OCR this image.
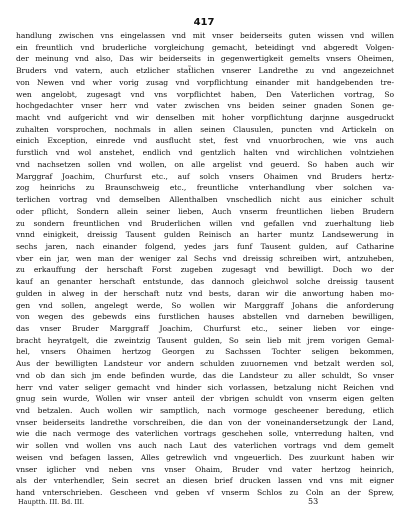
417
handlung zwischen vns eingelassen vnd mit vnser beiderseits guten wissen vnd willen
ein freuntlich vnd bruderliche vorgleichung gemacht, beteidingt vnd abgeredt Volgen-
der meinung vnd also, Das wir beiderseits in gegenwertigkeit gemelts vnsers Oheimen,
Bruders vnd vatern, auch etzlicher stat̃lichen vnserer Landrethe zu vnd angezeichnet
von Newen vnd wher vorig zusag vnd vorpflichtung einander mit handgebenden tre-
wen angelobt, zugesagt vnd vns vorpflichtet haben, Den Vaterlichen vortrag, So
hochgedachter vnser herr vnd vater zwischen vns beiden seiner gnaden Sonen ge-
macht vnd aufgericht vnd wir denselben mit hoher vorpflichtung darjnne ausgedruckt
zuhalten vorsprochen, nochmals in allen seinen Clausulen, puncten vnd Artickeln on
einich Exception, einrede vnd ausflucht stet, fest vnd vnuorbrochen, wie vns auch
furstlich vnd wol anstehet, endlich vnd gentzlich halten vnd wirchlichen volntziehen
vnd nachsetzen sollen vnd wollen, on alle argelist vnd geuerd. So haben auch wir
Marggraf Joachim, Churfurst etc., auf solch vnsers Ohaimen vnd Bruders hertz-
zog heinrichs zu Braunschweig etc., freuntliche vnterhandlung vber solchen va-
terlichen vortrag vnd demselben Allenthalben vnschedlich nicht aus einicher schult
oder pflicht, Sondern allein seiner lieben, Auch vnserm freuntlichen lieben Brudern
zu sondern freuntlichen vnd Bruderlichen willen vnd gefallen vnd zuerhaltung lieb
vnnd einigkeit, dreissig Tausent gulden Reinisch an harter muntz Landsewerung in
sechs jaren, nach einander folgend, yedes jars funf Tausent gulden, auf Catharine
vber ein jar, wen man der weniger zal Sechs vnd dreissig schreiben wirt, antzuheben,
zu erkauffung der herschaft Forst zugeben zugesagt vnd bewilligt. Doch wo der
kauf an genanter herschaft entstunde, das dannoch gleichwol solche dreissig tausent
gulden in alweg in der herschaft nutz vnd bests, daran wir die anwortung haben mo-
gen vnd sollen, angelegt werde, So wollen wir Marggraff Johans die anforderung
von wegen des gebewds eins furstlichen hauses abstellen vnd darneben bewilligen,
das vnser Bruder Marggraff Joachim, Churfurst etc., seiner lieben vor einge-
bracht heyratgelt, die zweintzig Tausent gulden, So sein lieb mit jrem vorigen Gemal-
hel, vnsers Ohaimen hertzog Georgen zu Sachssen Tochter seligen bekommen,
Aus der bewilligten Landsteur vor andern schulden zuuornemen vnd betzalt werden sol,
vnd ob dan sich jm ende befinden wurde, das die Landsteur zu aller schuldt, So vnser
herr vnd vater seliger gemacht vnd hinder sich vorlassen, betzalung nicht Reichen vnd
gnug sein wurde, Wollen wir vnser anteil der vbrigen schuldt von vnserm eigen gelten
vnd betzalen. Auch wollen wir samptlich, nach vormoge gescheener beredung, etlich
vnser beiderseits landrethe vorschreiben, die dan von der voneinandersetzungk der Land,
wie die nach vermoge des vaterlichen vortrags geschehen solle, vnterredung halten, vnd
wir sollen vnd wollen vns auch nach Laut des vaterlichen vortrags vnd dem gemelt
weisen vnd befagen lassen, Alles getrewlich vnd vngeuerlich. Des zuurkunt haben wir
vnser iglicher vnd neben vns vnser Ohaim, Bruder vnd vater hertzog heinrich,
als der vnterhendler, Sein secret an diesen brief drucken lassen vnd vns mit eigner
hand vnterschrieben. Gescheen vnd geben vf vnserm Schlos zu Coln an der Sprew,
Hauptth. III. Bd. III.	53
